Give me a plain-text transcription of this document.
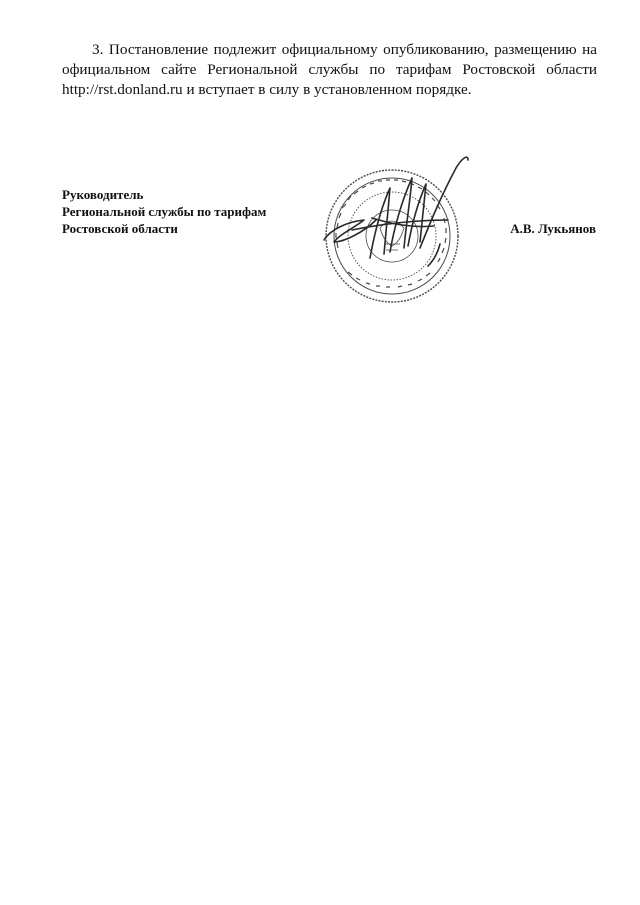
3. Постановление подлежит официальному опубликованию, размещению на официальном сайте Региональной службы по тарифам Ростовской области http://rst.donland.ru и вступает в силу в установленном порядке.

Руководитель
Региональной службы по тарифам
Ростовской области	А.В. Лукьянов
